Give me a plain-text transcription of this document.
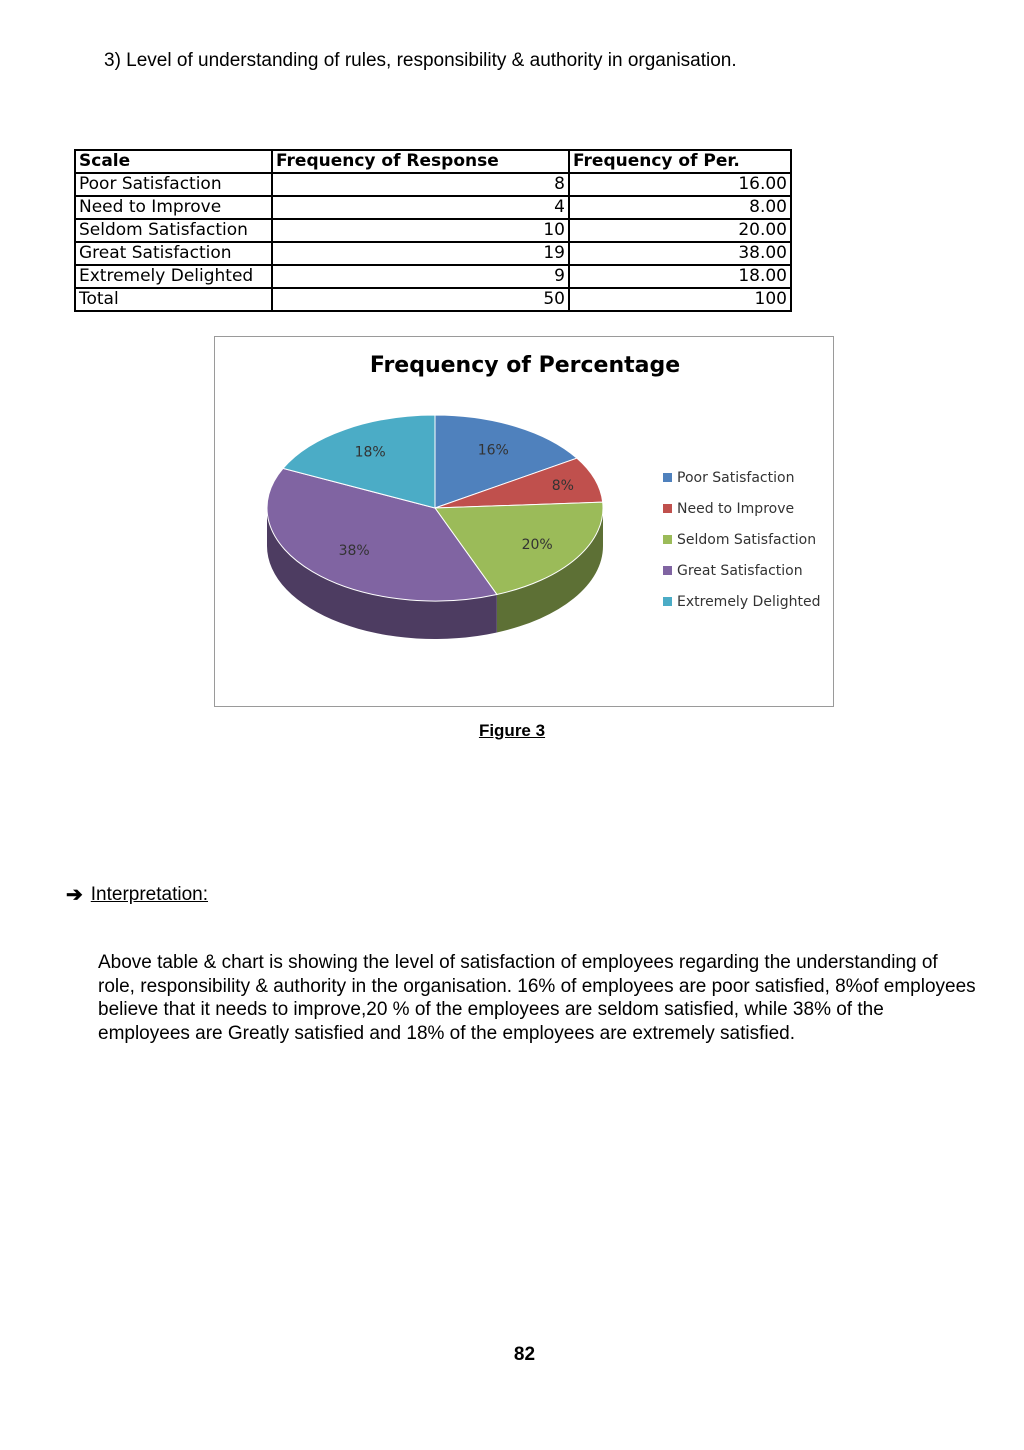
3) Level of understanding of rules, responsibility & authority in organisation.
Scale	Frequency of Response	Frequency of Per.
Poor Satisfaction	8	16.00
Need to Improve	4	8.00
Seldom Satisfaction	10	20.00
Great Satisfaction	19	38.00
Extremely Delighted	9	18.00
Total	50	100
Frequency of Percentage
16%
8%
20%
38%
18%
Poor Satisfaction
Need to Improve
Seldom Satisfaction
Great Satisfaction
Extremely Delighted
Figure 3
➔ Interpretation:
Above table & chart is showing the level of satisfaction of employees regarding the understanding of role, responsibility & authority in the organisation. 16% of employees are poor satisfied, 8%of employees believe that it needs to improve,20 % of the employees are seldom satisfied, while 38% of the employees are Greatly satisfied and 18% of the employees are extremely satisfied.
82
